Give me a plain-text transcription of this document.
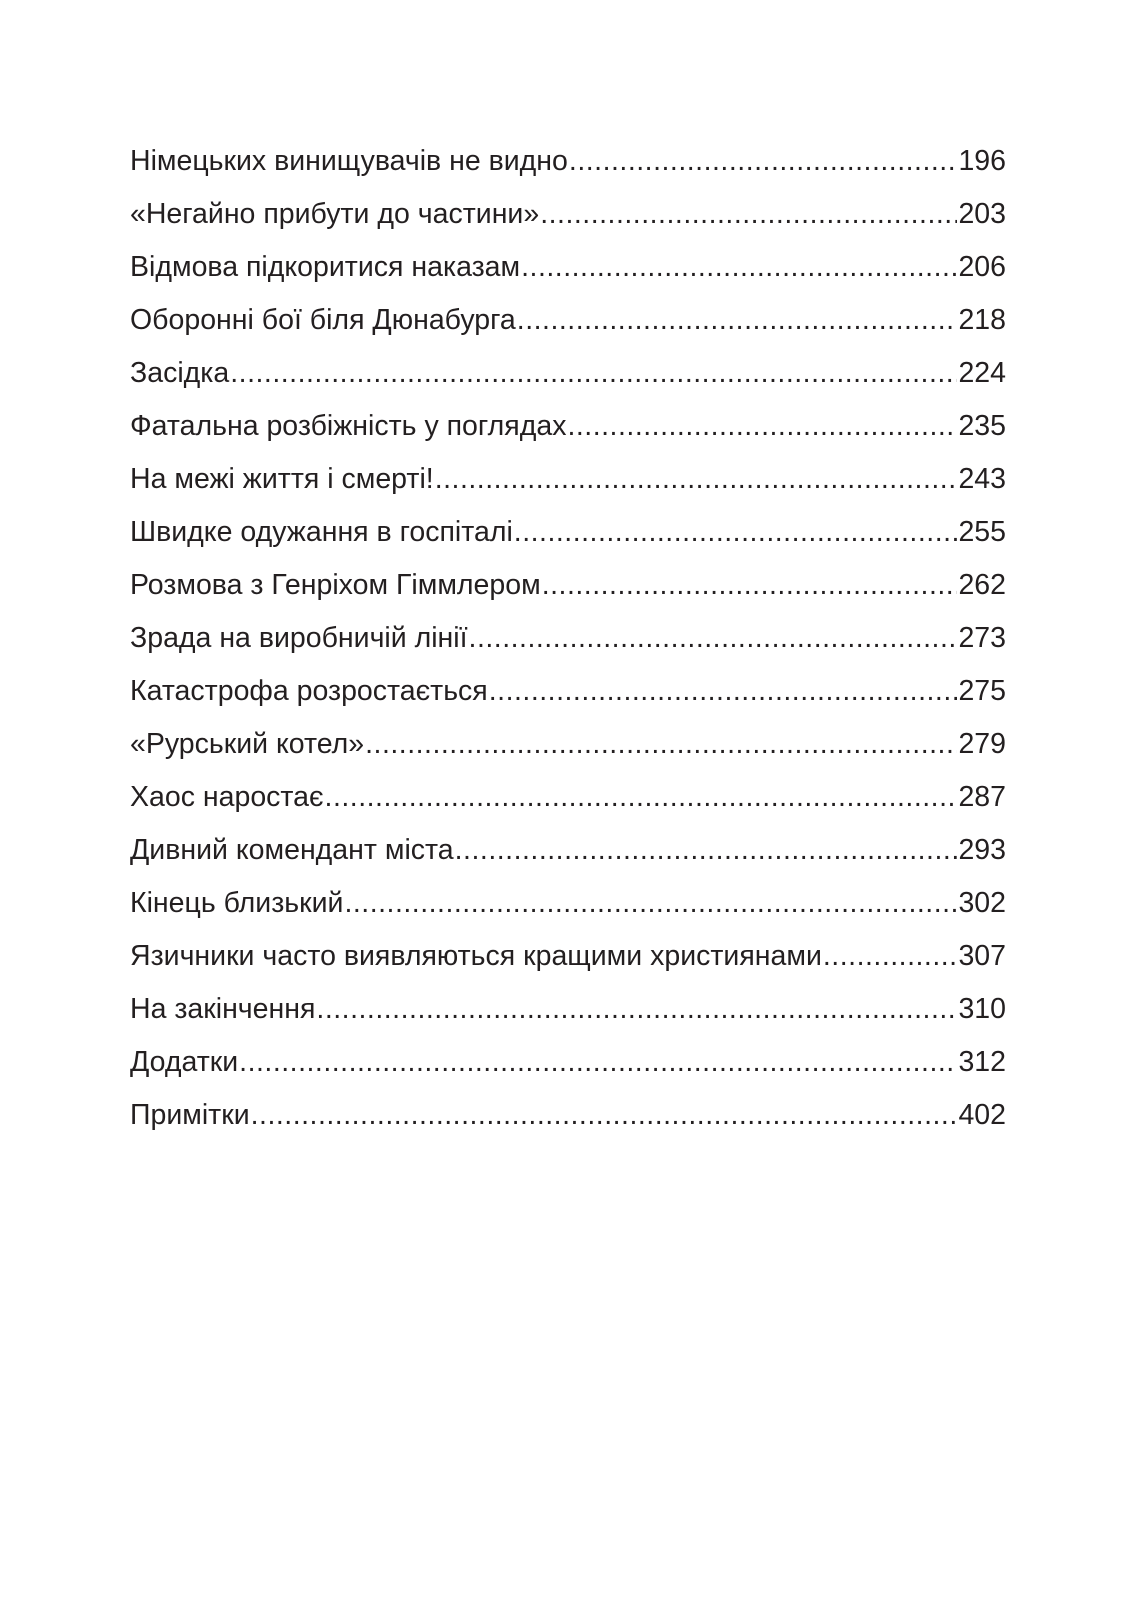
Німецьких винищувачів не видно .....	196
«Негайно прибути до частини» .....	203
Відмова підкоритися наказам .....	206
Оборонні бої біля Дюнабурга .....	218
Засідка .....	224
Фатальна розбіжність у поглядах .....	235
На межі життя і смерті! .....	243
Швидке одужання в госпіталі .....	255
Розмова з Генріхом Гіммлером .....	262
Зрада на виробничій лінії .....	273
Катастрофа розростається .....	275
«Рурський котел» .....	279
Хаос наростає .....	287
Дивний комендант міста .....	293
Кінець близький .....	302
Язичники часто виявляються кращими християнами .....	307
На закінчення .....	310
Додатки .....	312
Примітки .....	402
